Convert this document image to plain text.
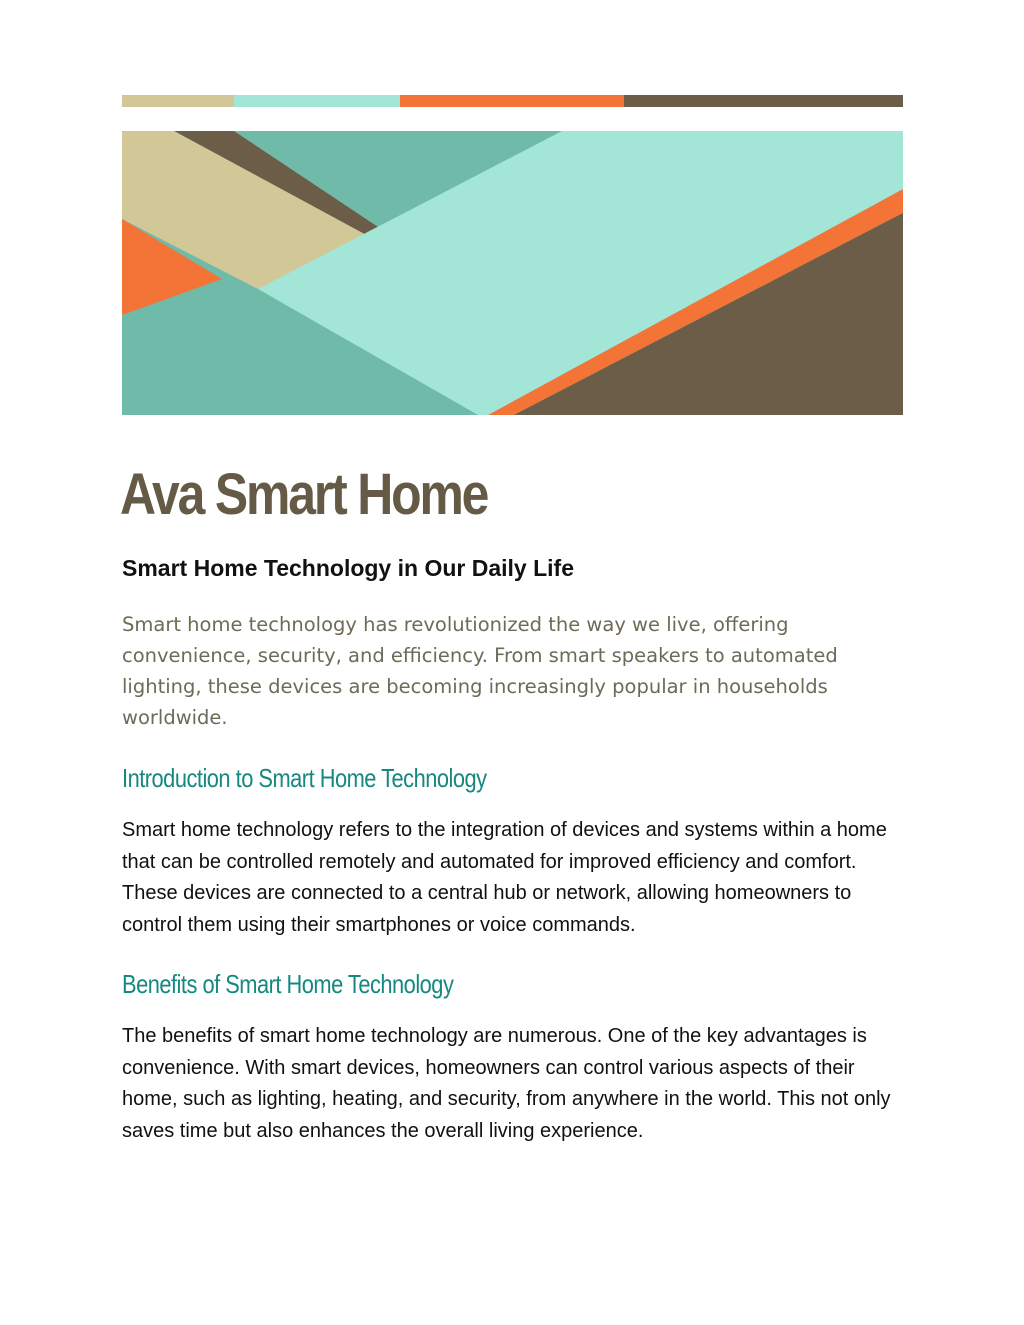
Ava Smart Home
Smart Home Technology in Our Daily Life

Smart home technology has revolutionized the way we live, offering convenience, security, and efficiency. From smart speakers to automated lighting, these devices are becoming increasingly popular in households worldwide.

Introduction to Smart Home Technology

Smart home technology refers to the integration of devices and systems within a home that can be controlled remotely and automated for improved efficiency and comfort. These devices are connected to a central hub or network, allowing homeowners to control them using their smartphones or voice commands.

Benefits of Smart Home Technology

The benefits of smart home technology are numerous. One of the key advantages is convenience. With smart devices, homeowners can control various aspects of their home, such as lighting, heating, and security, from anywhere in the world. This not only saves time but also enhances the overall living experience.
